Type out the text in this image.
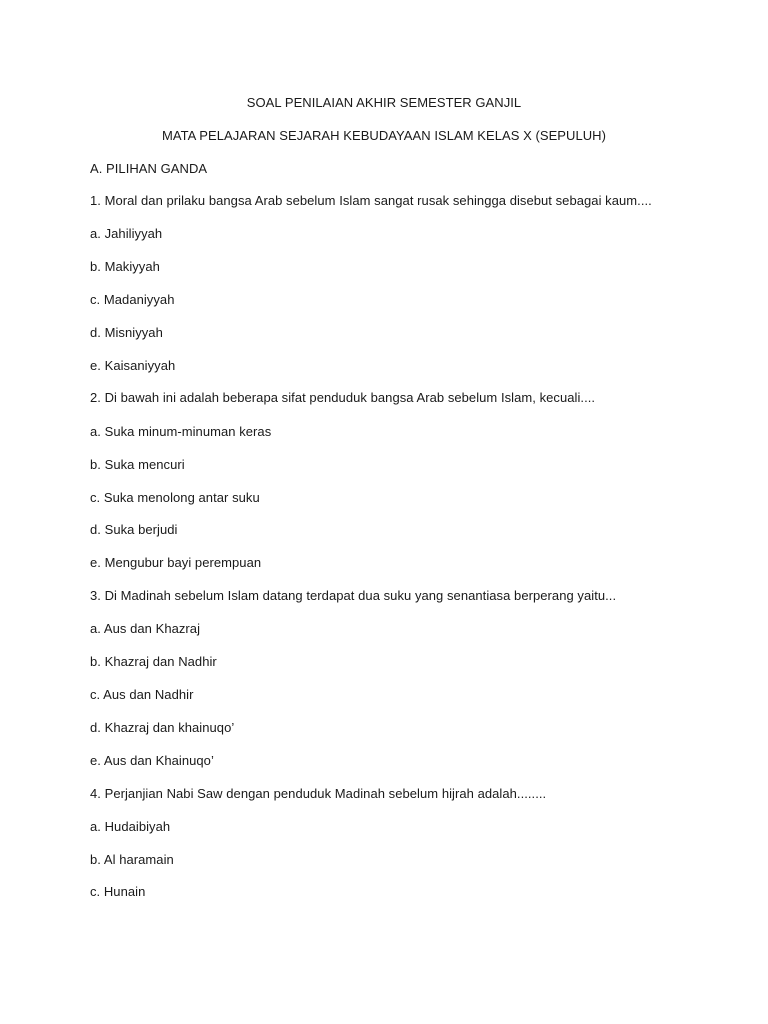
SOAL PENILAIAN AKHIR SEMESTER GANJIL
MATA PELAJARAN SEJARAH KEBUDAYAAN ISLAM KELAS X (SEPULUH)
A. PILIHAN GANDA
1. Moral dan prilaku bangsa Arab sebelum Islam sangat rusak sehingga disebut sebagai kaum....
a. Jahiliyyah
b. Makiyyah
c. Madaniyyah
d. Misniyyah
e. Kaisaniyyah
2. Di bawah ini adalah beberapa sifat penduduk bangsa Arab sebelum Islam, kecuali....
a. Suka minum-minuman keras
b. Suka mencuri
c. Suka menolong antar suku
d. Suka berjudi
e. Mengubur bayi perempuan
3. Di Madinah sebelum Islam datang terdapat dua suku yang senantiasa berperang yaitu...
a. Aus dan Khazraj
b. Khazraj dan Nadhir
c. Aus dan Nadhir
d. Khazraj dan khainuqo’
e. Aus dan Khainuqo’
4. Perjanjian Nabi Saw dengan penduduk Madinah sebelum hijrah adalah........
a. Hudaibiyah
b. Al haramain
c. Hunain
